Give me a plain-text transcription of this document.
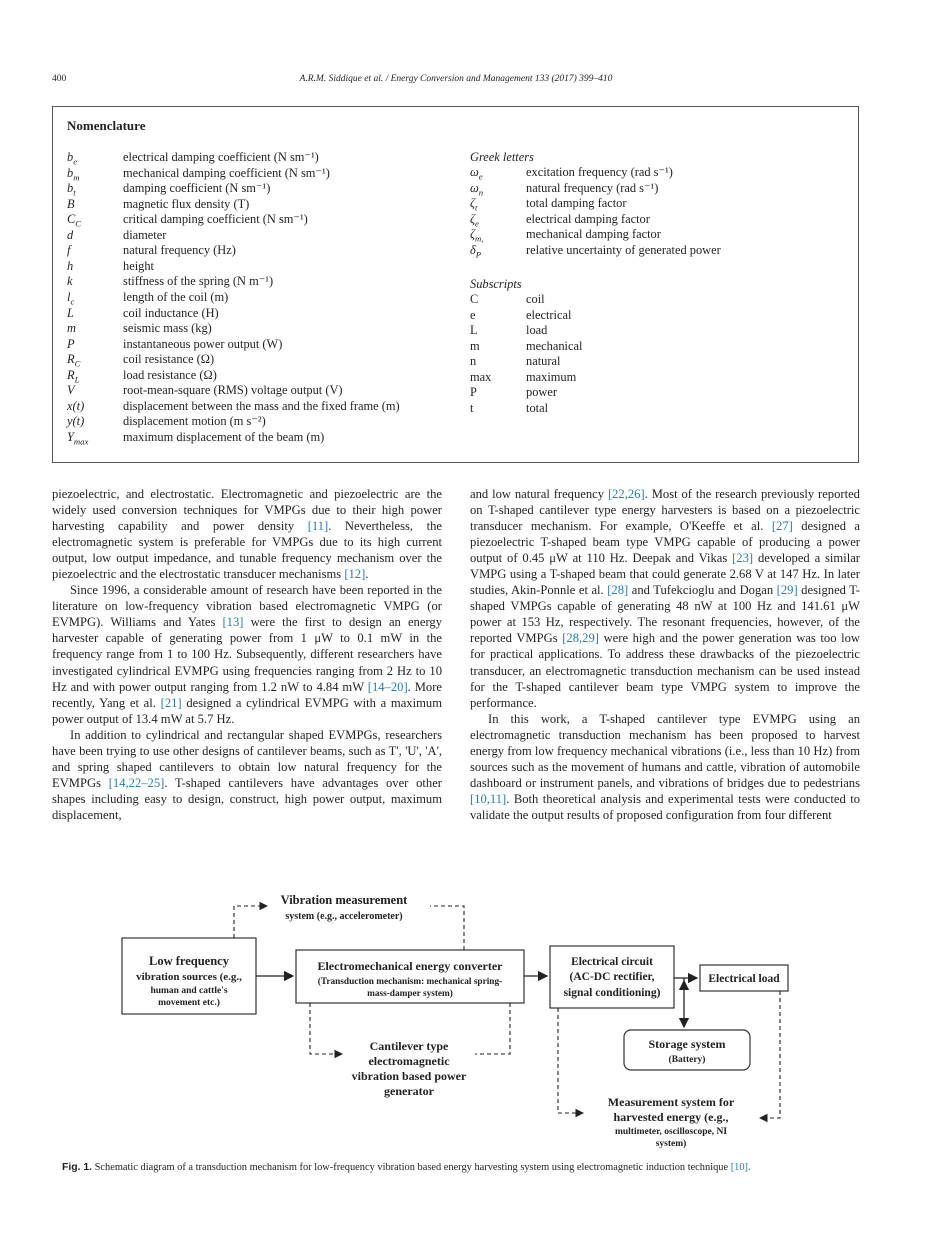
400	A.R.M. Siddique et al. / Energy Conversion and Management 133 (2017) 399–410
Nomenclature
$b_e$	electrical damping coefficient (N sm⁻¹)
$b_m$	mechanical damping coefficient (N sm⁻¹)
$b_t$	damping coefficient (N sm⁻¹)
B	magnetic flux density (T)
$C_C$	critical damping coefficient (N sm⁻¹)
d	diameter
f	natural frequency (Hz)
h	height
k	stiffness of the spring (N m⁻¹)
$l_c$	length of the coil (m)
L	coil inductance (H)
m	seismic mass (kg)
P	instantaneous power output (W)
$R_C$	coil resistance (Ω)
$R_L$	load resistance (Ω)
V	root-mean-square (RMS) voltage output (V)
x(t)	displacement between the mass and the fixed frame (m)
y(t)	displacement motion (m s⁻²)
$Y_{max}$	maximum displacement of the beam (m)
Greek letters
$\omega_e$	excitation frequency (rad s⁻¹)
$\omega_n$	natural frequency (rad s⁻¹)
$\zeta_t$	total damping factor
$\zeta_e$	electrical damping factor
$\zeta_{m,}$	mechanical damping factor
$\delta_P$	relative uncertainty of generated power
Subscripts
C	coil
e	electrical
L	load
m	mechanical
n	natural
max	maximum
P	power
t	total

piezoelectric, and electrostatic. Electromagnetic and piezoelectric are the widely used conversion techniques for VMPGs due to their high power harvesting capability and power density [11]. Nevertheless, the electromagnetic system is preferable for VMPGs due to its high current output, low output impedance, and tunable frequency mechanism over the piezoelectric and the electrostatic transducer mechanisms [12].

Since 1996, a considerable amount of research have been reported in the literature on low-frequency vibration based electromagnetic VMPG (or EVMPG). Williams and Yates [13] were the first to design an energy harvester capable of generating power from 1 μW to 0.1 mW in the frequency range from 1 to 100 Hz. Subsequently, different researchers have investigated cylindrical EVMPG using frequencies ranging from 2 Hz to 10 Hz and with power output ranging from 1.2 nW to 4.84 mW [14–20]. More recently, Yang et al. [21] designed a cylindrical EVMPG with a maximum power output of 13.4 mW at 5.7 Hz.

In addition to cylindrical and rectangular shaped EVMPGs, researchers have been trying to use other designs of cantilever beams, such as T', 'U', 'A', and spring shaped cantilevers to obtain low natural frequency for the EVMPGs [14,22–25]. T-shaped cantilevers have advantages over other shapes including easy to design, construct, high power output, maximum displacement,

and low natural frequency [22,26]. Most of the research previously reported on T-shaped cantilever type energy harvesters is based on a piezoelectric transducer mechanism. For example, O'Keeffe et al. [27] designed a piezoelectric T-shaped beam type VMPG capable of producing a power output of 0.45 μW at 110 Hz. Deepak and Vikas [23] developed a similar VMPG using a T-shaped beam that could generate 2.68 V at 147 Hz. In later studies, Akin-Ponnle et al. [28] and Tufekcioglu and Dogan [29] designed T-shaped VMPGs capable of generating 48 nW at 100 Hz and 141.61 μW power at 153 Hz, respectively. The resonant frequencies, however, of the reported VMPGs [28,29] were high and the power generation was too low for practical applications. To address these drawbacks of the piezoelectric transducer, an electromagnetic transduction mechanism can be used instead for the T-shaped cantilever beam type VMPG system to improve the performance.

In this work, a T-shaped cantilever type EVMPG using an electromagnetic transduction mechanism has been proposed to harvest energy from low frequency mechanical vibrations (i.e., less than 10 Hz) from sources such as the movement of humans and cattle, vibration of automobile dashboard or instrument panels, and vibrations of bridges due to pedestrians [10,11]. Both theoretical analysis and experimental tests were conducted to validate the output results of proposed configuration from four different

Vibration measurement
system (e.g., accelerometer)
Low frequency
vibration sources (e.g.,
human and cattle's
movement etc.)
Electromechanical energy converter
(Transduction mechanism: mechanical spring-
mass-damper system)
Electrical circuit
(AC-DC rectifier,
signal conditioning)
Electrical load
Storage system
(Battery)
Cantilever type
electromagnetic
vibration based power
generator
Measurement system for
harvested energy (e.g.,
multimeter, oscilloscope, NI
system)
Fig. 1. Schematic diagram of a transduction mechanism for low-frequency vibration based energy harvesting system using electromagnetic induction technique [10].
